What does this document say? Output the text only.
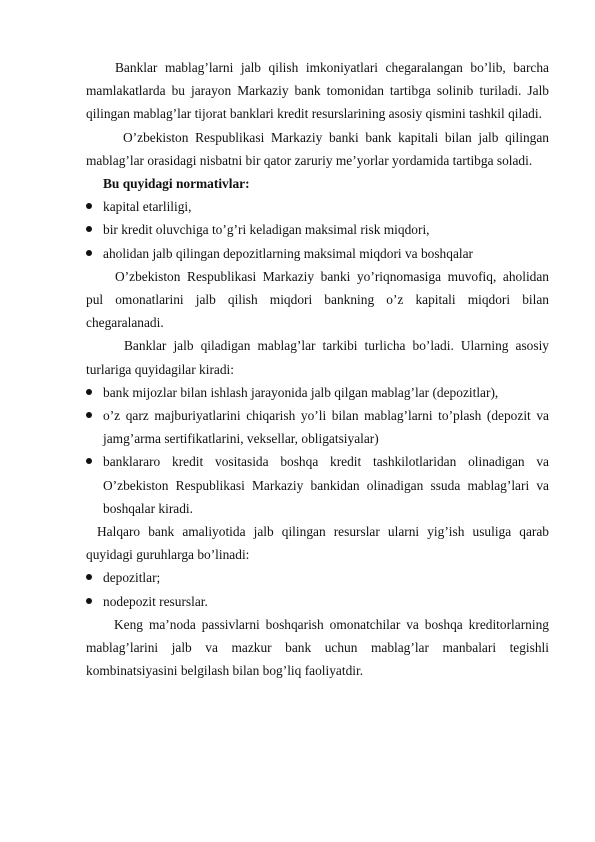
Banklar mablag’larni jalb qilish imkoniyatlari chegaralangan bo’lib, barcha mamlakatlarda bu jarayon Markaziy bank tomonidan tartibga solinib turiladi. Jalb qilingan mablag’lar tijorat banklari kredit resurslarining asosiy qismini tashkil qiladi.

O’zbekiston Respublikasi Markaziy banki bank kapitali bilan jalb qilingan mablag’lar orasidagi nisbatni bir qator zaruriy me’yorlar yordamida tartibga soladi.

Bu quyidagi normativlar:

kapital etarliligi,
bir kredit oluvchiga to’g’ri keladigan maksimal risk miqdori,
aholidan jalb qilingan depozitlarning maksimal miqdori va boshqalar

O’zbekiston Respublikasi Markaziy banki yo’riqnomasiga muvofiq, aholidan pul omonatlarini jalb qilish miqdori bankning o’z kapitali miqdori bilan chegaralanadi.

Banklar jalb qiladigan mablag’lar tarkibi turlicha bo’ladi. Ularning asosiy turlariga quyidagilar kiradi:

bank mijozlar bilan ishlash jarayonida jalb qilgan mablag’lar (depozitlar),
o’z qarz majburiyatlarini chiqarish yo’li bilan mablag’larni to’plash (depozit va jamg’arma sertifikatlarini, veksellar, obligatsiyalar)
banklararo kredit vositasida boshqa kredit tashkilotlaridan olinadigan va O’zbekiston Respublikasi Markaziy bankidan olinadigan ssuda mablag’lari va boshqalar kiradi.

Halqaro bank amaliyotida jalb qilingan resurslar ularni yig’ish usuliga qarab quyidagi guruhlarga bo’linadi:

depozitlar;
nodepozit resurslar.

Keng ma’noda passivlarni boshqarish omonatchilar va boshqa kreditorlarning mablag’larini jalb va mazkur bank uchun mablag’lar manbalari tegishli kombinatsiyasini belgilash bilan bog’liq faoliyatdir.
